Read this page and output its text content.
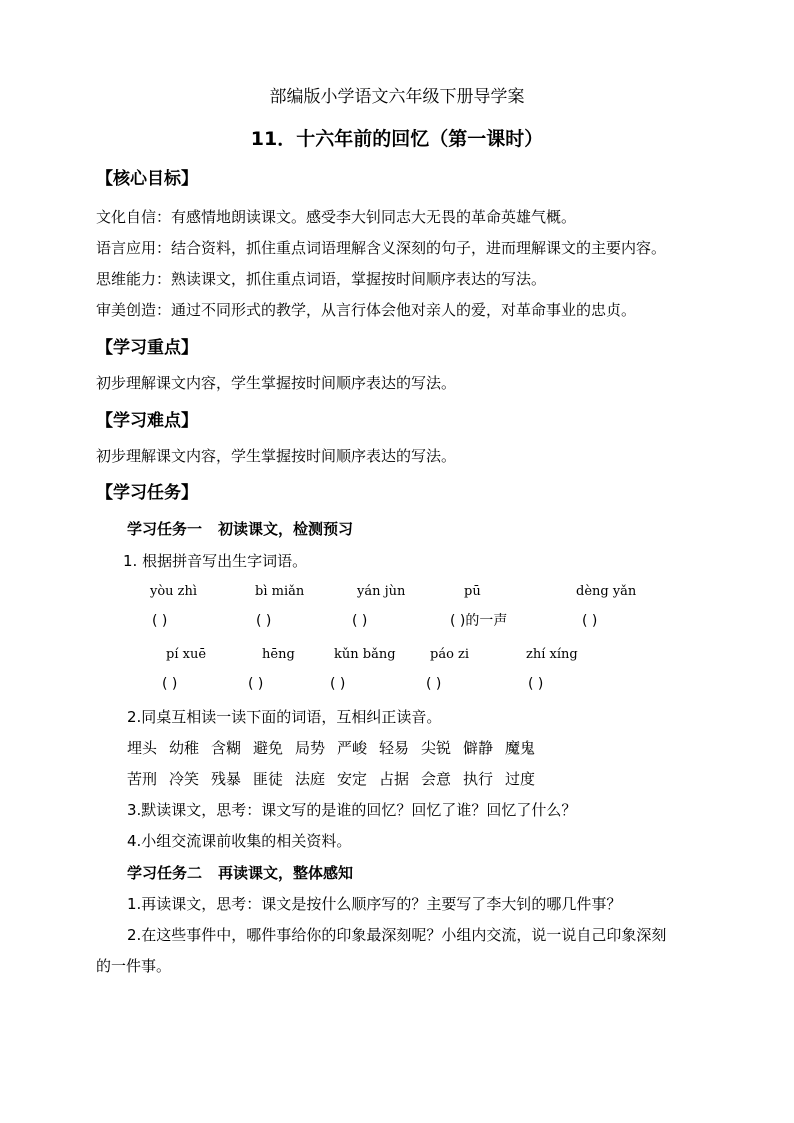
部编版小学语文六年级下册导学案
11．十六年前的回忆（第一课时）
【核心目标】
文化自信：有感情地朗读课文。感受李大钊同志大无畏的革命英雄气概。
语言应用：结合资料，抓住重点词语理解含义深刻的句子，进而理解课文的主要内容。
思维能力：熟读课文，抓住重点词语，掌握按时间顺序表达的写法。
审美创造：通过不同形式的教学，从言行体会他对亲人的爱，对革命事业的忠贞。
【学习重点】
初步理解课文内容，学生掌握按时间顺序表达的写法。
【学习难点】
初步理解课文内容，学生掌握按时间顺序表达的写法。
【学习任务】
学习任务一 初读课文，检测预习
1. 根据拼音写出生字词语。
yòu zhì	bì miǎn	yán jùn	pū	dèng yǎn
( )	( )	( )	( )的一声	( )
pí xuē	hēng	kǔn bǎng	páo zi	zhí xíng
( )	( )	( )	( )	( )
2.同桌互相读一读下面的词语，互相纠正读音。
埋头 幼稚 含糊 避免 局势 严峻 轻易 尖锐 僻静 魔鬼
苦刑 冷笑 残暴 匪徒 法庭 安定 占据 会意 执行 过度
3.默读课文，思考：课文写的是谁的回忆？回忆了谁？回忆了什么？
4.小组交流课前收集的相关资料。
学习任务二 再读课文，整体感知
1.再读课文，思考：课文是按什么顺序写的？主要写了李大钊的哪几件事？
2.在这些事件中，哪件事给你的印象最深刻呢？小组内交流，说一说自己印象深刻
的一件事。
